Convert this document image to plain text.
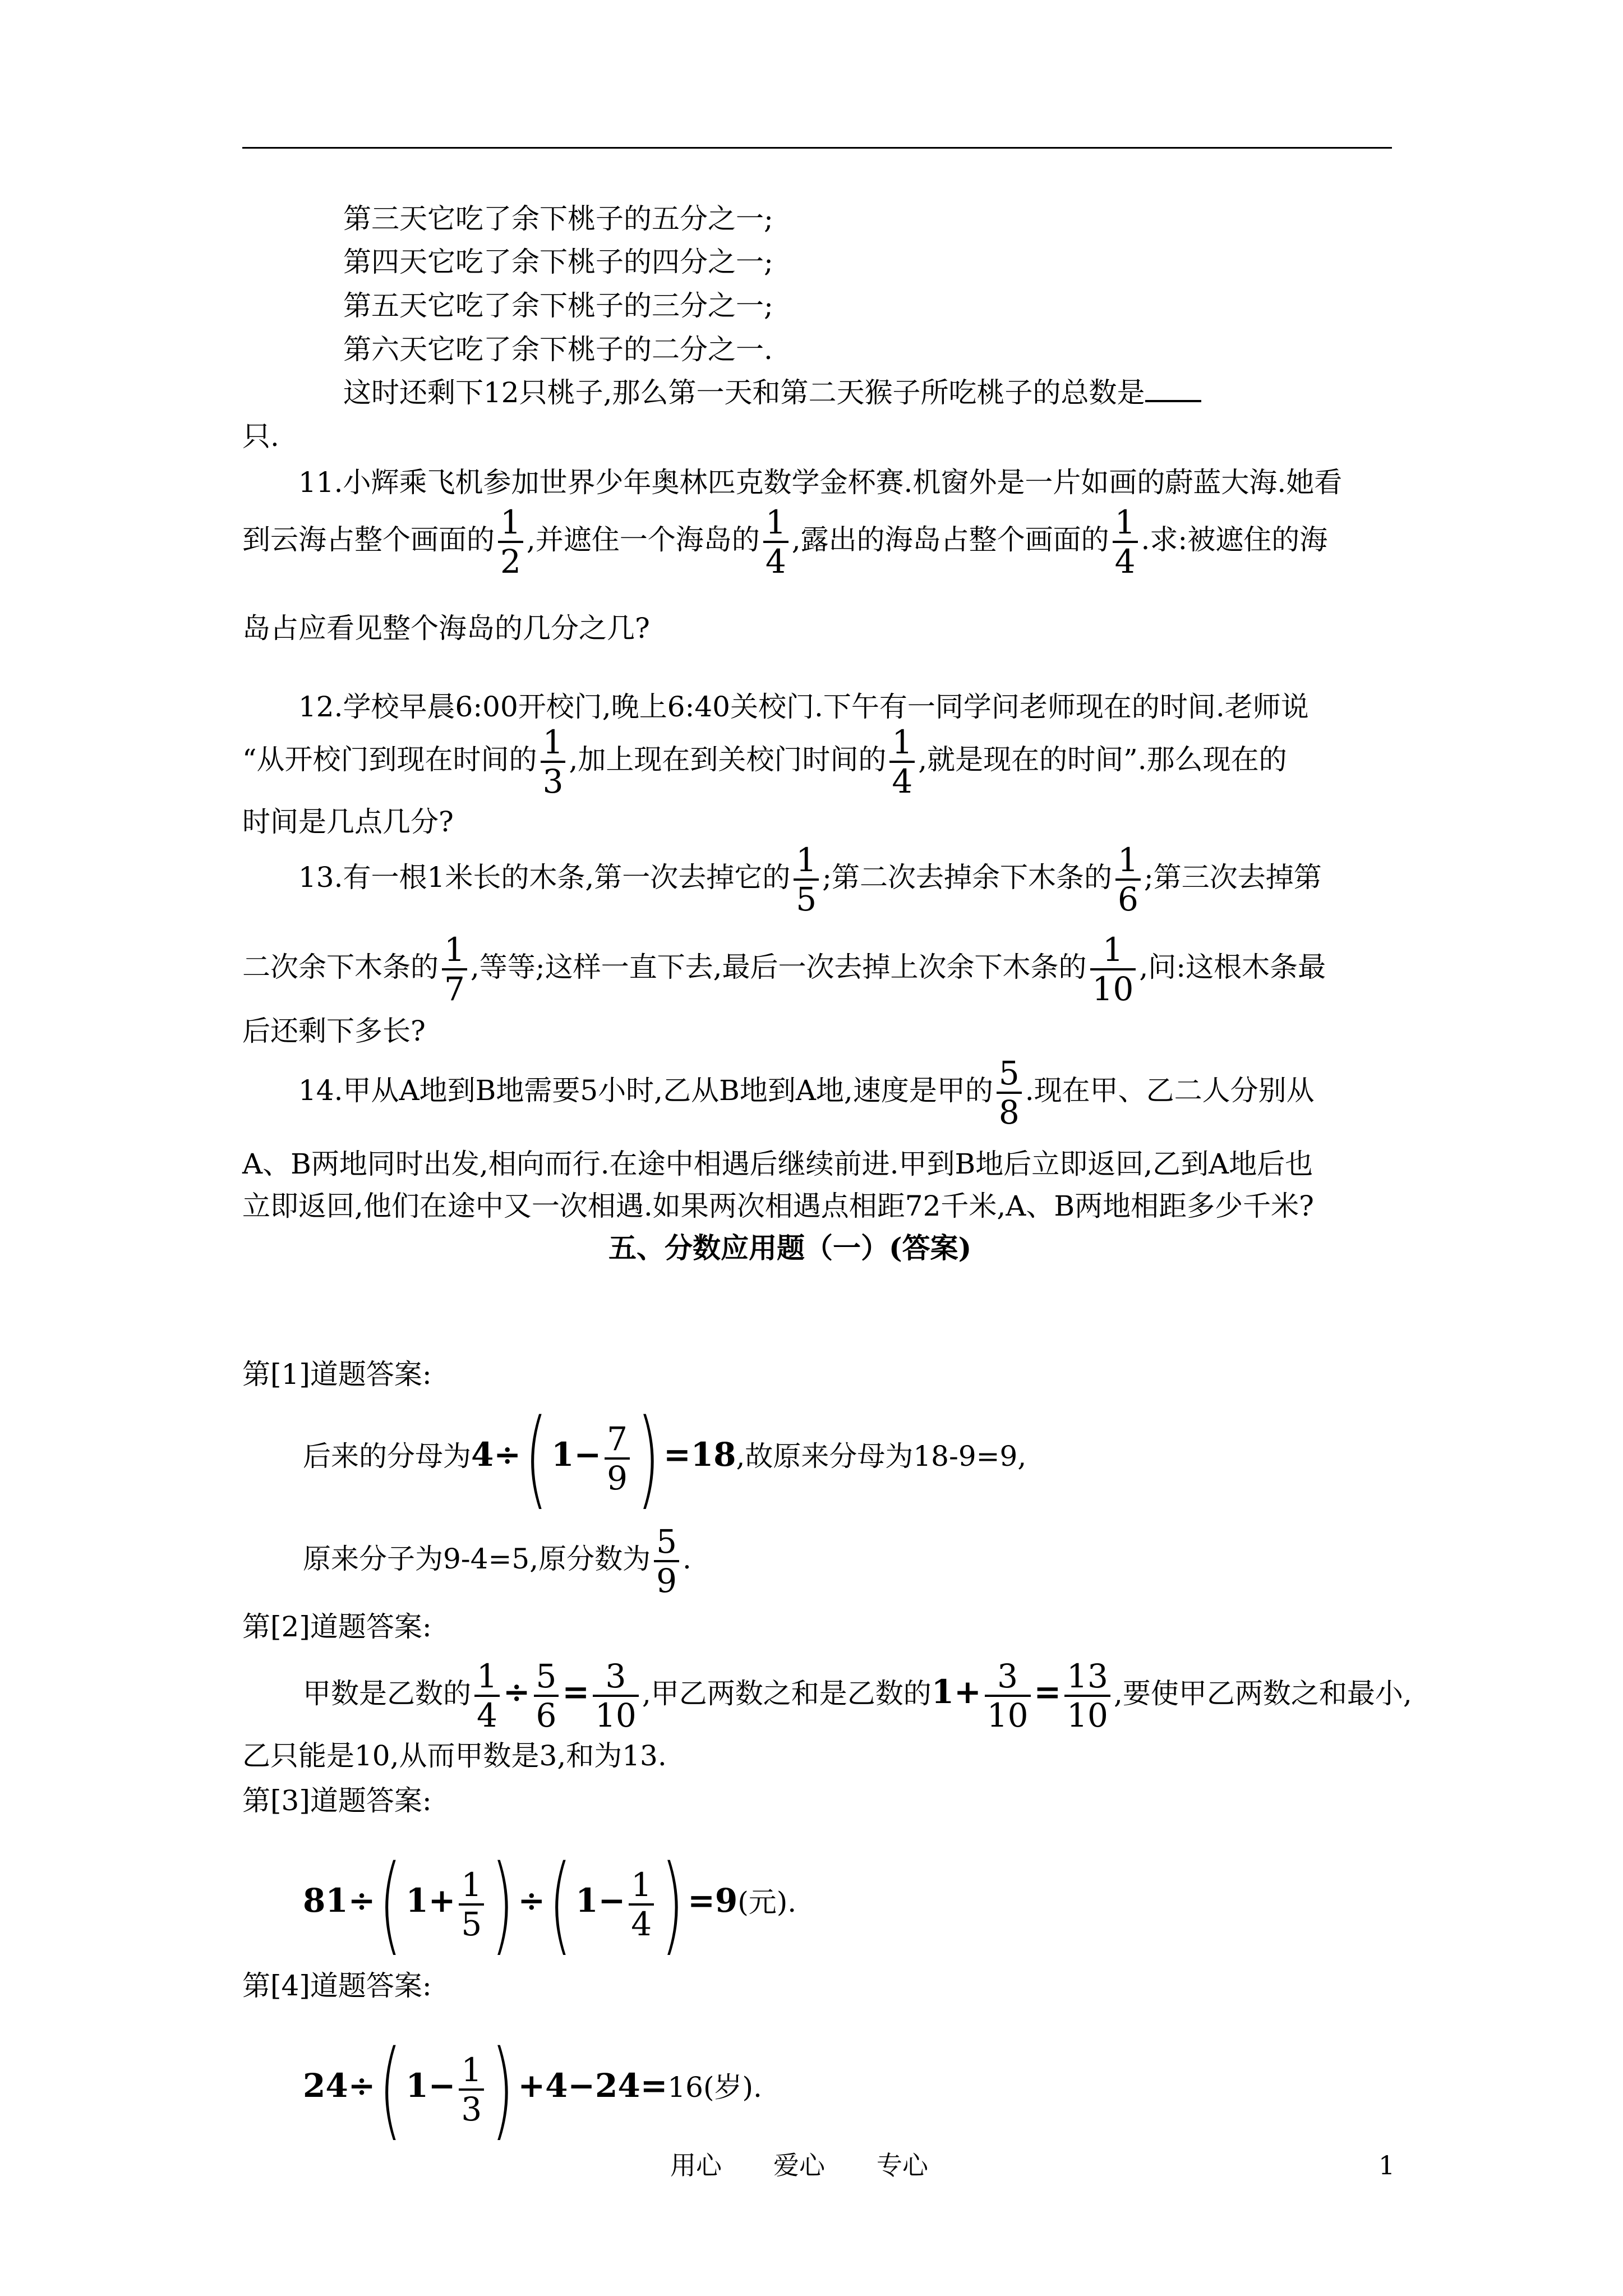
第三天它吃了余下桃子的五分之一;
第四天它吃了余下桃子的四分之一;
第五天它吃了余下桃子的三分之一;
第六天它吃了余下桃子的二分之一.
这时还剩下12只桃子,那么第一天和第二天猴子所吃桃子的总数是
只.
11.小辉乘飞机参加世界少年奥林匹克数学金杯赛.机窗外是一片如画的蔚蓝大海.她看
到云海占整个画面的 $\frac{1}{2}$ ,并遮住一个海岛的 $\frac{1}{4}$ ,露出的海岛占整个画面的 $\frac{1}{4}$ .求:被遮住的海
岛占应看见整个海岛的几分之几?
12.学校早晨6:00开校门,晚上6:40关校门.下午有一同学问老师现在的时间.老师说
“从开校门到现在时间的 $\frac{1}{3}$ ,加上现在到关校门时间的 $\frac{1}{4}$ ,就是现在的时间”.那么现在的
时间是几点几分?
13.有一根1米长的木条,第一次去掉它的 $\frac{1}{5}$ ;第二次去掉余下木条的 $\frac{1}{6}$ ;第三次去掉第
二次余下木条的 $\frac{1}{7}$ ,等等;这样一直下去,最后一次去掉上次余下木条的 $\frac{1}{10}$ ,问:这根木条最
后还剩下多长?
14.甲从A地到B地需要5小时,乙从B地到A地,速度是甲的 $\frac{5}{8}$ .现在甲、乙二人分别从
A、B两地同时出发,相向而行.在途中相遇后继续前进.甲到B地后立即返回,乙到A地后也
立即返回,他们在途中又一次相遇.如果两次相遇点相距72千米,A、B两地相距多少千米?
五、分数应用题（一）(答案)
第[1]道题答案:
后来的分母为4÷( $1- \frac{7}{9}$ ) =18,故原来分母为18-9=9,
原来分子为9-4=5,原分数为 $\frac{5}{9}$ .
第[2]道题答案:
甲数是乙数的 $\frac{1}{4} \div \frac{5}{6} = \frac{3}{10}$ ,甲乙两数之和是乙数的$1+ \frac{3}{10} = \frac{13}{10}$ ,要使甲乙两数之和最小,
乙只能是10,从而甲数是3,和为13.
第[3]道题答案:
81÷( $1+ \frac{1}{5}$ ) ÷( $1- \frac{1}{4}$ ) =9(元).
第[4]道题答案:
24÷( $1- \frac{1}{3}$ ) +4−24=16(岁).
用心　　爱心　　专心	1
